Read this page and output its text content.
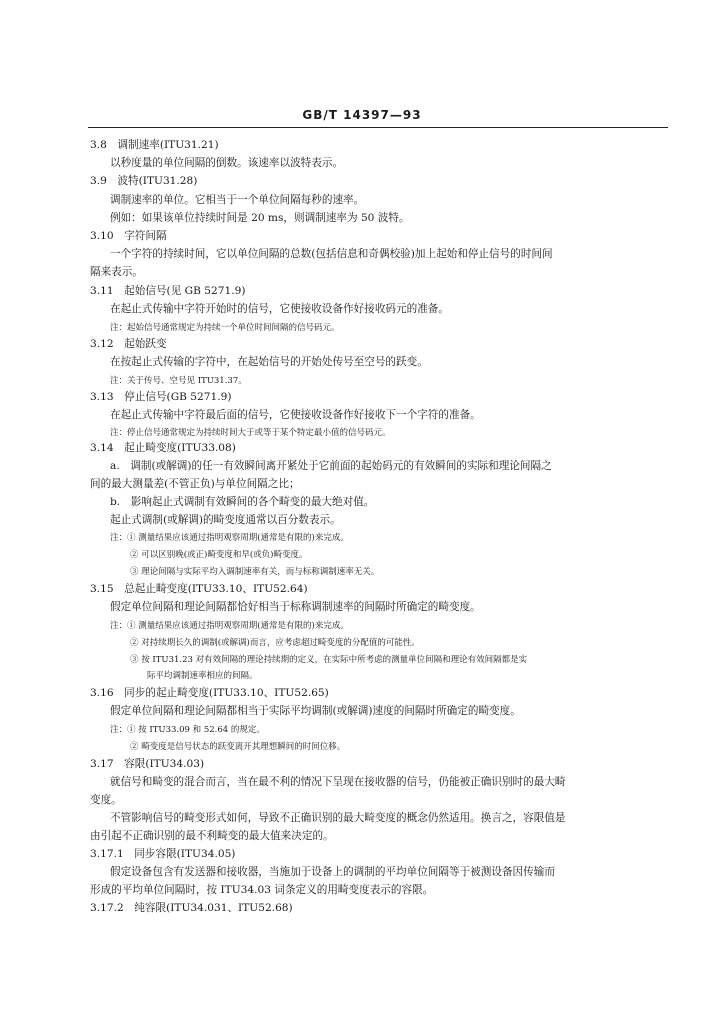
GB/T 14397—93
3.8　调制速率(ITU31.21)
以秒度量的单位间隔的倒数。该速率以波特表示。
3.9　波特(ITU31.28)
调制速率的单位。它相当于一个单位间隔每秒的速率。
例如：如果该单位持续时间是 20 ms，则调制速率为 50 波特。
3.10　字符间隔
一个字符的持续时间，它以单位间隔的总数(包括信息和奇偶校验)加上起始和停止信号的时间间
隔来表示。
3.11　起始信号(见 GB 5271.9)
在起止式传输中字符开始时的信号，它使接收设备作好接收码元的准备。
注：起始信号通常规定为持续一个单位时间间隔的信号码元。
3.12　起始跃变
在按起止式传输的字符中，在起始信号的开始处传号至空号的跃变。
注：关于传号、空号见 ITU31.37。
3.13　停止信号(GB 5271.9)
在起止式传输中字符最后面的信号，它使接收设备作好接收下一个字符的准备。
注：停止信号通常规定为持续时间大于或等于某个特定最小值的信号码元。
3.14　起止畸变度(ITU33.08)
a.　调制(或解调)的任一有效瞬间离开紧处于它前面的起始码元的有效瞬间的实际和理论间隔之
间的最大测量差(不管正负)与单位间隔之比；
b.　影响起止式调制有效瞬间的各个畸变的最大绝对值。
起止式调制(或解调)的畸变度通常以百分数表示。
注：① 测量结果应该通过指明观察周期(通常是有限的)来完成。
② 可以区别晚(或正)畸变度和早(或负)畸变度。
③ 理论间隔与实际平均入调制速率有关，而与标称调制速率无关。
3.15　总起止畸变度(ITU33.10、ITU52.64)
假定单位间隔和理论间隔都恰好相当于标称调制速率的间隔时所确定的畸变度。
注：① 测量结果应该通过指明观察周期(通常是有限的)来完成。
② 对持续期长久的调制(或解调)而言，应考虑超过畸变度的分配值的可能性。
③ 按 ITU31.23 对有效间隔的理论持续期的定义，在实际中所考虑的测量单位间隔和理论有效间隔都是实
际平均调制速率相应的间隔。
3.16　同步的起止畸变度(ITU33.10、ITU52.65)
假定单位间隔和理论间隔都相当于实际平均调制(或解调)速度的间隔时所确定的畸变度。
注：① 按 ITU33.09 和 52.64 的规定。
② 畸变度是信号状态的跃变离开其理想瞬间的时间位移。
3.17　容限(ITU34.03)
就信号和畸变的混合而言，当在最不利的情况下呈现在接收器的信号，仍能被正确识别时的最大畸
变度。
不管影响信号的畸变形式如何，导致不正确识别的最大畸变度的概念仍然适用。换言之，容限值是
由引起不正确识别的最不利畸变的最大值来决定的。
3.17.1　同步容限(ITU34.05)
假定设备包含有发送器和接收器，当施加于设备上的调制的平均单位间隔等于被测设备因传输而
形成的平均单位间隔时，按 ITU34.03 词条定义的用畸变度表示的容限。
3.17.2　纯容限(ITU34.031、ITU52.68)
